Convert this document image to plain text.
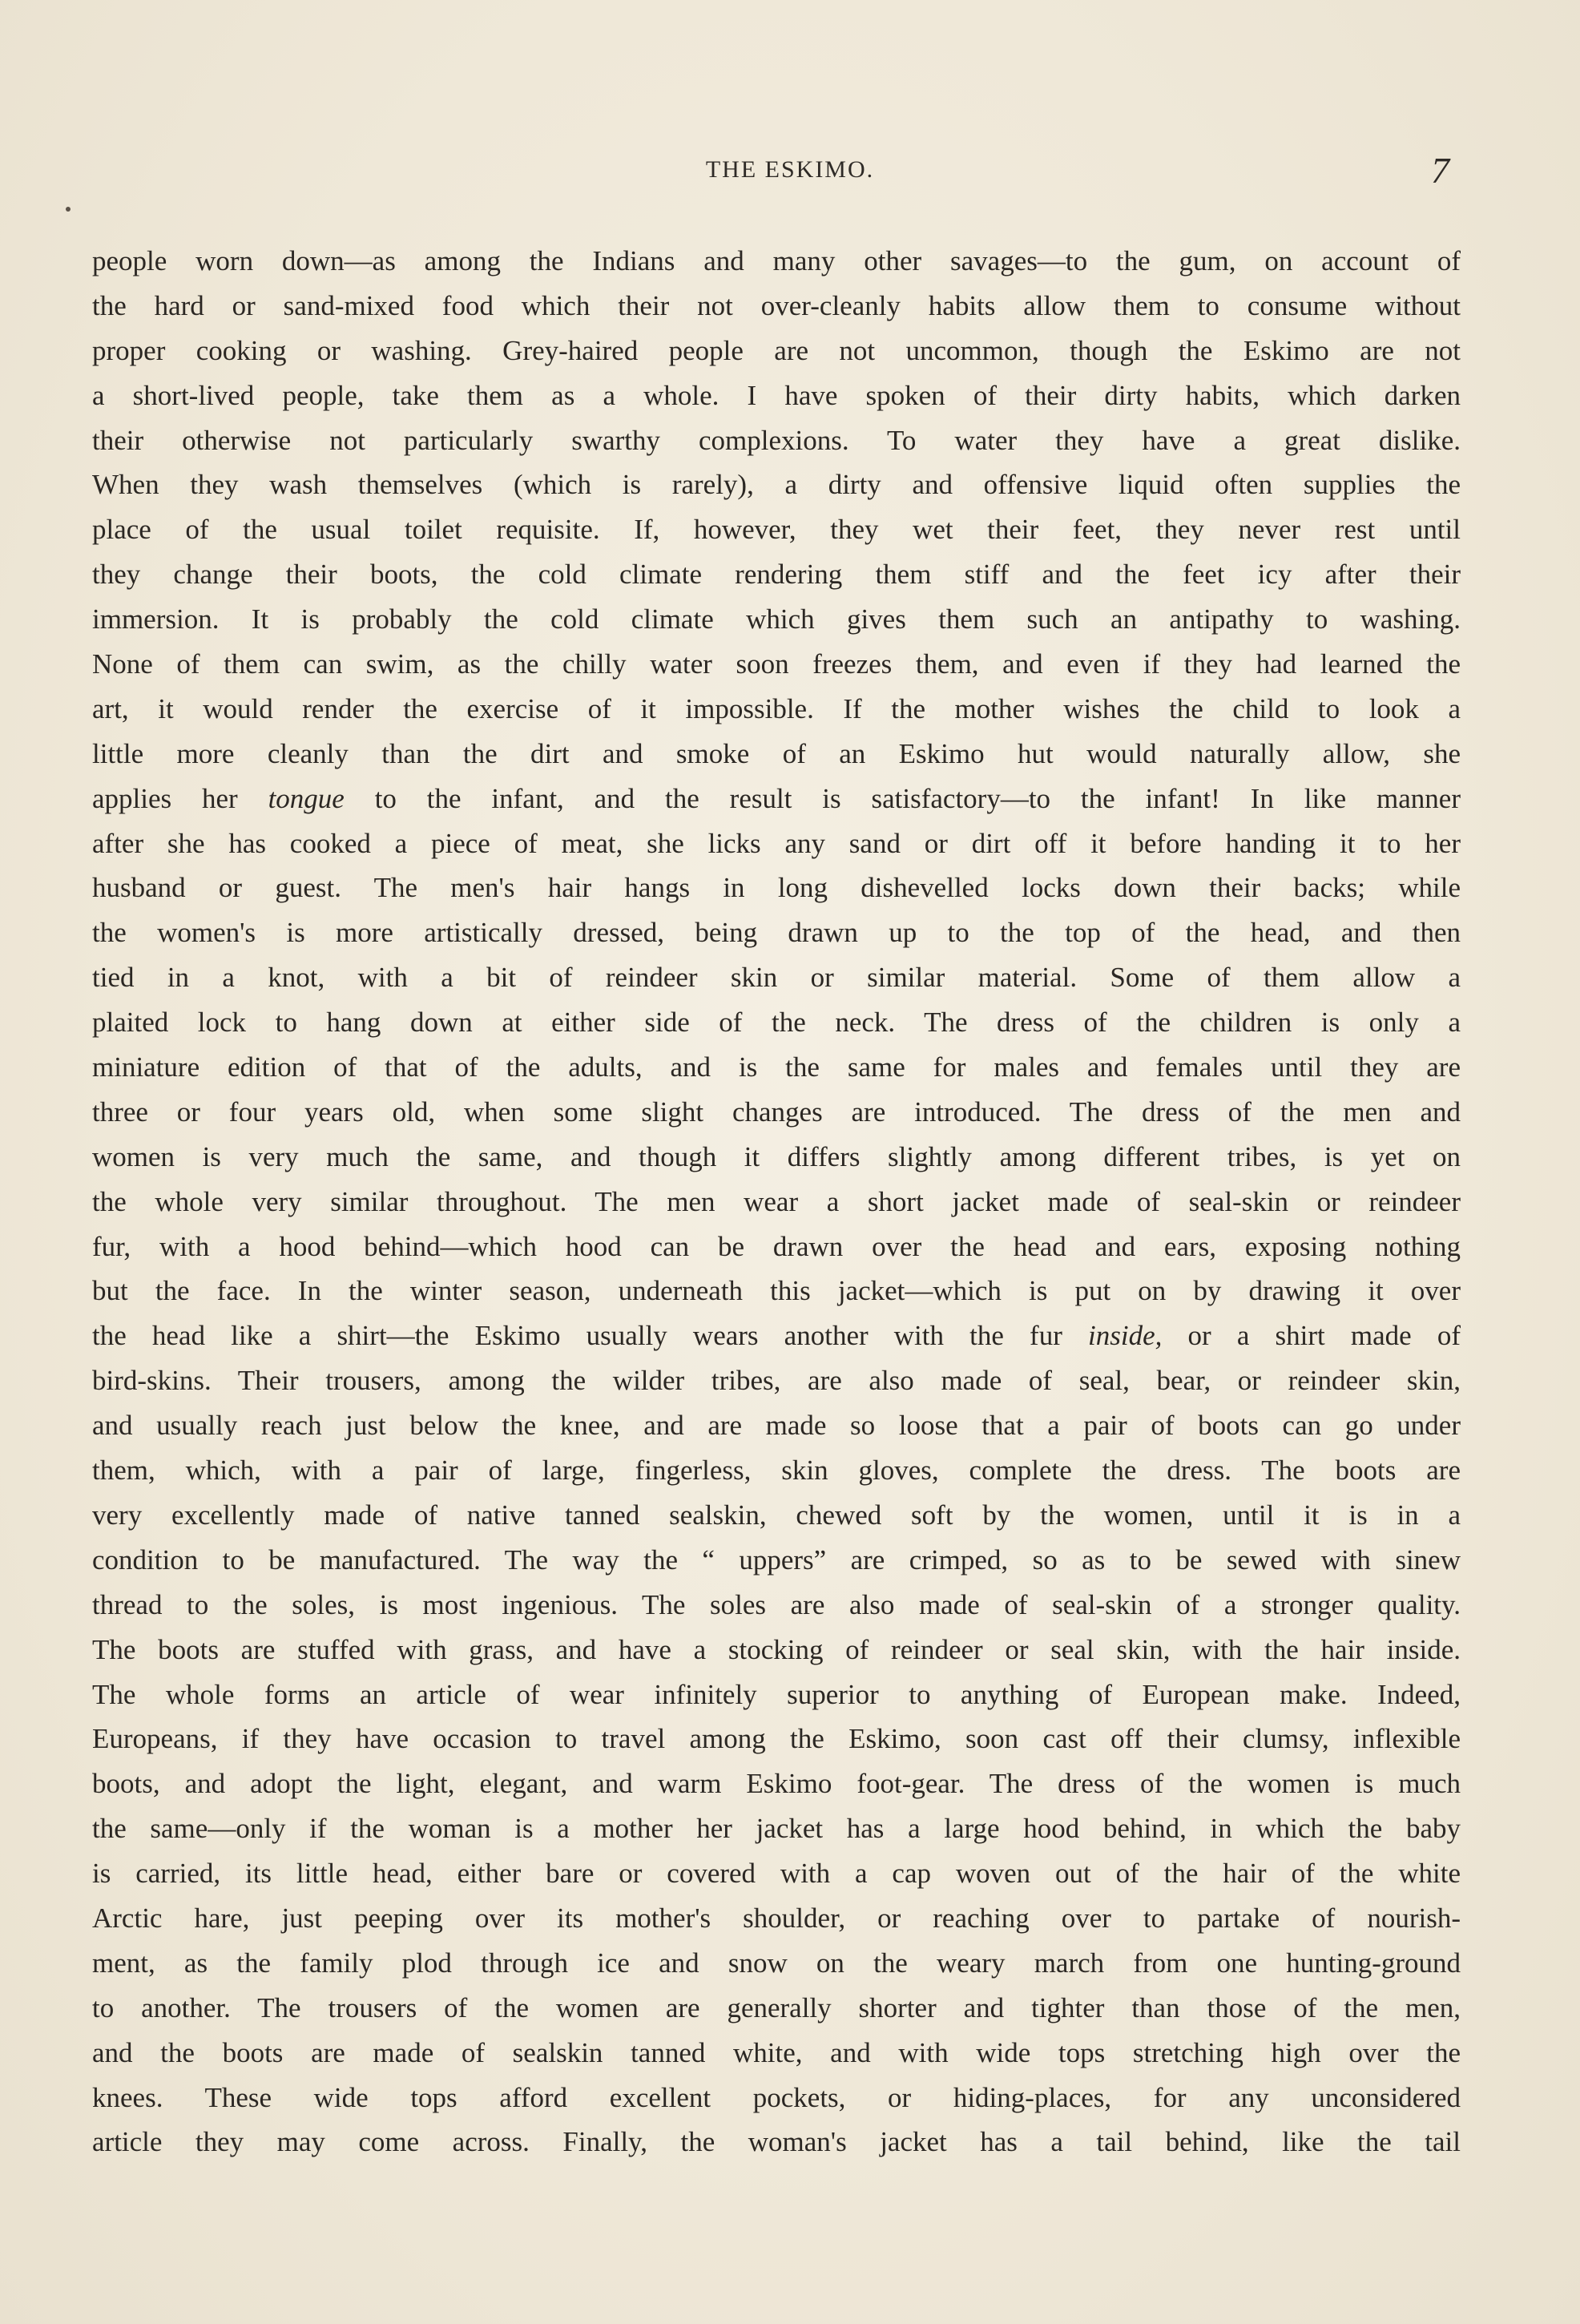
THE ESKIMO.	7
people worn down—as among the Indians and many other savages—to the gum, on account of
the hard or sand-mixed food which their not over-cleanly habits allow them to consume without
proper cooking or washing. Grey-haired people are not uncommon, though the Eskimo are not
a short-lived people, take them as a whole. I have spoken of their dirty habits, which darken
their otherwise not particularly swarthy complexions. To water they have a great dislike.
When they wash themselves (which is rarely), a dirty and offensive liquid often supplies the
place of the usual toilet requisite. If, however, they wet their feet, they never rest until
they change their boots, the cold climate rendering them stiff and the feet icy after their
immersion. It is probably the cold climate which gives them such an antipathy to washing.
None of them can swim, as the chilly water soon freezes them, and even if they had learned the
art, it would render the exercise of it impossible. If the mother wishes the child to look a
little more cleanly than the dirt and smoke of an Eskimo hut would naturally allow, she
applies her tongue to the infant, and the result is satisfactory—to the infant! In like manner
after she has cooked a piece of meat, she licks any sand or dirt off it before handing it to her
husband or guest. The men's hair hangs in long dishevelled locks down their backs; while
the women's is more artistically dressed, being drawn up to the top of the head, and then
tied in a knot, with a bit of reindeer skin or similar material. Some of them allow a
plaited lock to hang down at either side of the neck. The dress of the children is only a
miniature edition of that of the adults, and is the same for males and females until they are
three or four years old, when some slight changes are introduced. The dress of the men and
women is very much the same, and though it differs slightly among different tribes, is yet on
the whole very similar throughout. The men wear a short jacket made of seal-skin or reindeer
fur, with a hood behind—which hood can be drawn over the head and ears, exposing nothing
but the face. In the winter season, underneath this jacket—which is put on by drawing it over
the head like a shirt—the Eskimo usually wears another with the fur inside, or a shirt made of
bird-skins. Their trousers, among the wilder tribes, are also made of seal, bear, or reindeer skin,
and usually reach just below the knee, and are made so loose that a pair of boots can go under
them, which, with a pair of large, fingerless, skin gloves, complete the dress. The boots are
very excellently made of native tanned sealskin, chewed soft by the women, until it is in a
condition to be manufactured. The way the “ uppers” are crimped, so as to be sewed with sinew
thread to the soles, is most ingenious. The soles are also made of seal-skin of a stronger quality.
The boots are stuffed with grass, and have a stocking of reindeer or seal skin, with the hair inside.
The whole forms an article of wear infinitely superior to anything of European make. Indeed,
Europeans, if they have occasion to travel among the Eskimo, soon cast off their clumsy, inflexible
boots, and adopt the light, elegant, and warm Eskimo foot-gear. The dress of the women is much
the same—only if the woman is a mother her jacket has a large hood behind, in which the baby
is carried, its little head, either bare or covered with a cap woven out of the hair of the white
Arctic hare, just peeping over its mother's shoulder, or reaching over to partake of nourish-
ment, as the family plod through ice and snow on the weary march from one hunting-ground
to another. The trousers of the women are generally shorter and tighter than those of the men,
and the boots are made of sealskin tanned white, and with wide tops stretching high over the
knees. These wide tops afford excellent pockets, or hiding-places, for any unconsidered
article they may come across. Finally, the woman's jacket has a tail behind, like the tail
